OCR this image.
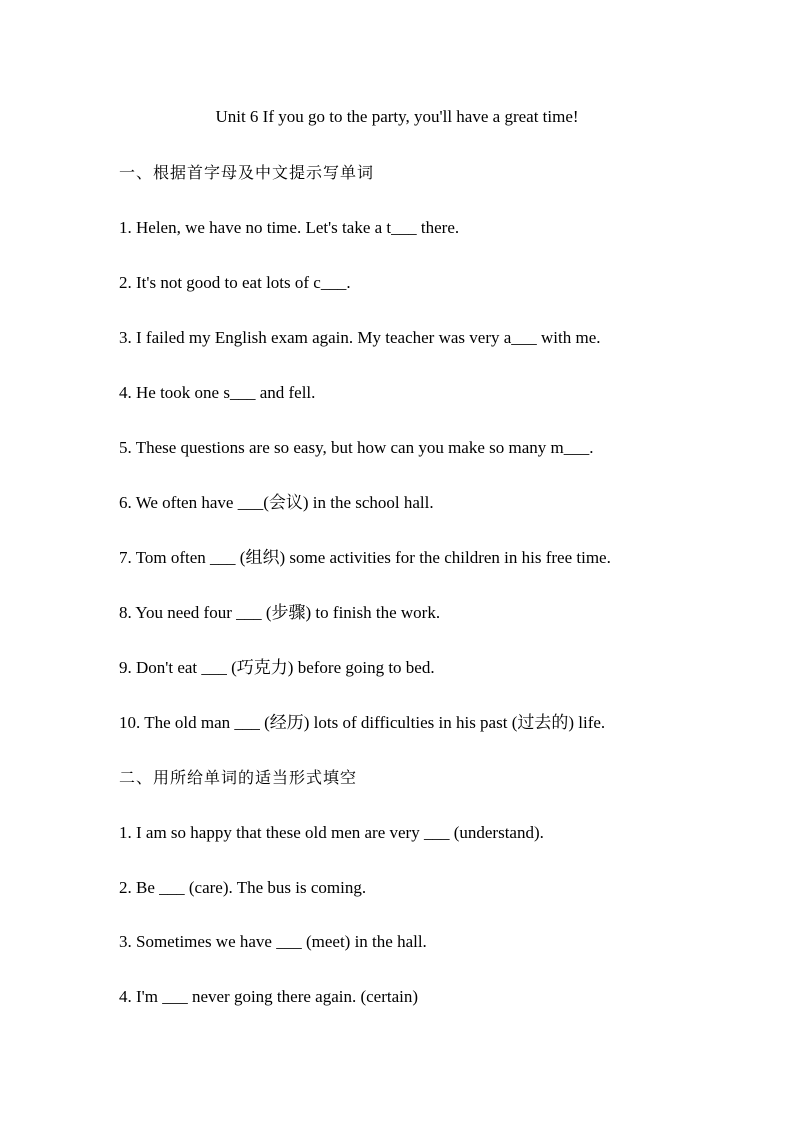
Unit 6 If you go to the party, you'll have a great time!
一、根据首字母及中文提示写单词
1. Helen, we have no time. Let's take a t___ there.
2. It's not good to eat lots of c___.
3. I failed my English exam again. My teacher was very a___ with me.
4. He took one s___ and fell.
5. These questions are so easy, but how can you make so many m___.
6. We often have ___(会议) in the school hall.
7. Tom often ___ (组织) some activities for the children in his free time.
8. You need four ___ (步骤) to finish the work.
9. Don't eat ___ (巧克力) before going to bed.
10. The old man ___ (经历) lots of difficulties in his past (过去的) life.
二、用所给单词的适当形式填空
1. I am so happy that these old men are very ___ (understand).
2. Be ___ (care). The bus is coming.
3. Sometimes we have ___ (meet) in the hall.
4. I'm ___ never going there again. (certain)
